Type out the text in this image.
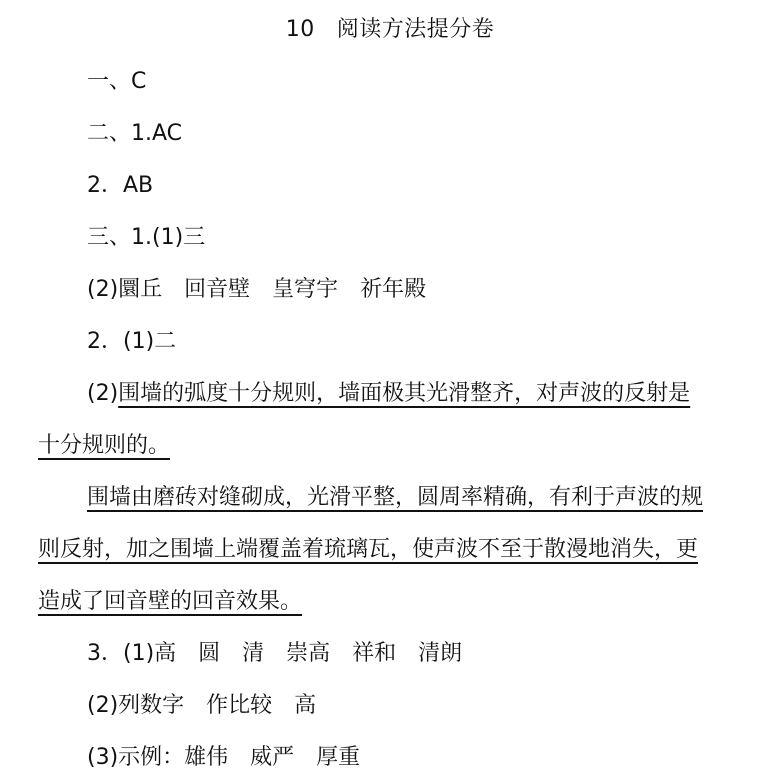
10 阅读方法提分卷
一、C
二、1.AC
2．AB
三、1.(1)三
(2)圜丘　回音壁　皇穹宇　祈年殿
2．(1)二
(2)围墙的弧度十分规则，墙面极其光滑整齐，对声波的反射是
十分规则的。
围墙由磨砖对缝砌成，光滑平整，圆周率精确，有利于声波的规
则反射，加之围墙上端覆盖着琉璃瓦，使声波不至于散漫地消失，更
造成了回音壁的回音效果。
3．(1)高　圆　清　崇高　祥和　清朗
(2)列数字　作比较　高
(3)示例：雄伟　威严　厚重
